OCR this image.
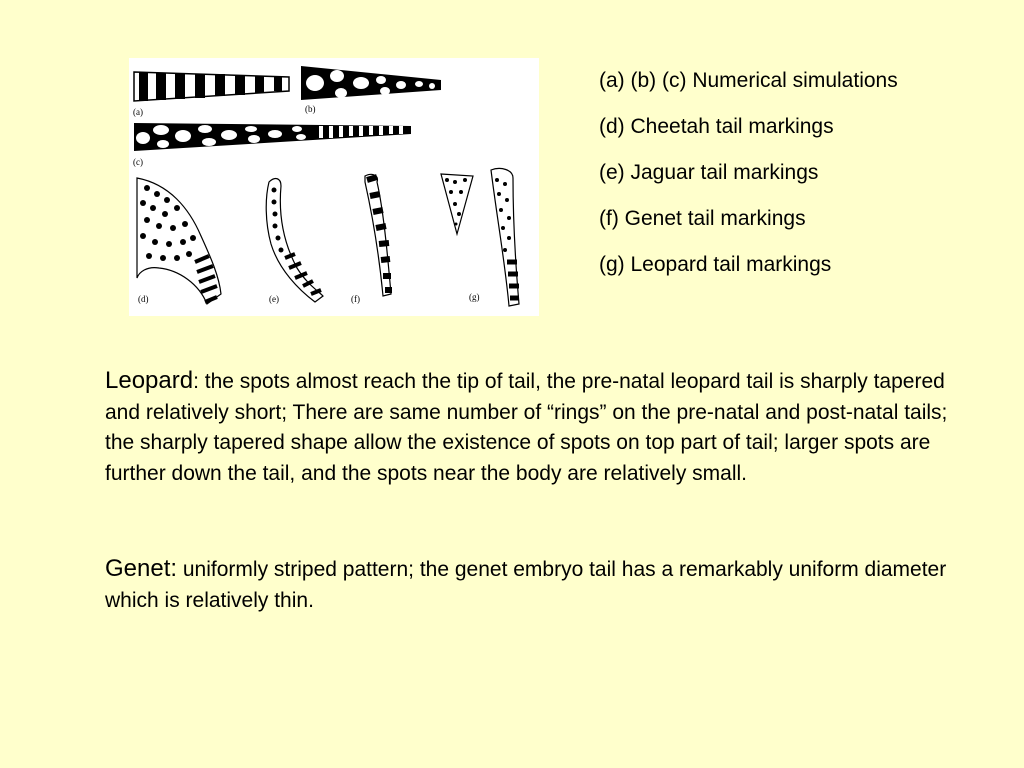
(a)	(b)
(c)
(d)	(e)	(f)	(g)
(a) (b) (c) Numerical simulations
(d) Cheetah tail markings
(e) Jaguar tail markings
(f) Genet tail markings
(g) Leopard tail markings
Leopard: the spots almost reach the tip of tail, the pre-natal leopard tail is sharply tapered and relatively short; There are same number of “rings” on the pre-natal and post-natal tails; the sharply tapered shape allow the existence of spots on top part of tail; larger spots are further down the tail, and the spots near the body are relatively small.
Genet: uniformly striped pattern; the genet embryo tail has a remarkably uniform diameter which is relatively thin.
